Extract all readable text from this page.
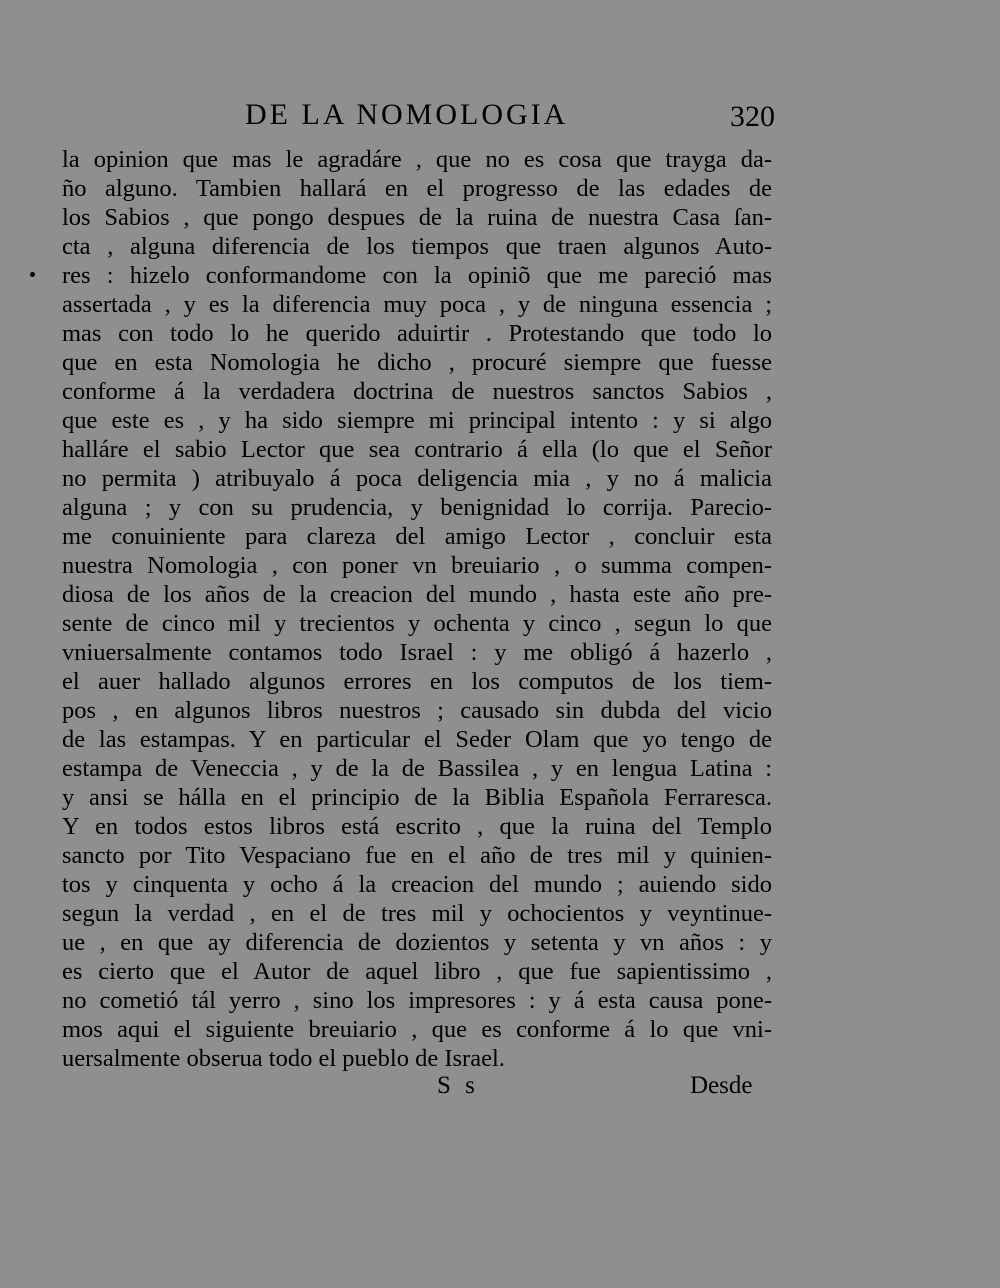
DE LA NOMOLOGIA	320
la opinion que mas le agradáre , que no es cosa que trayga da-
ño alguno. Tambien hallará en el progresso de las edades de
los Sabios , que pongo despues de la ruina de nuestra Casa ſan-
cta , alguna diferencia de los tiempos que traen algunos Auto-
res : hizelo conformandome con la opiniõ que me pareció mas
assertada , y es la diferencia muy poca , y de ninguna essencia ;
mas con todo lo he querido aduirtir . Protestando que todo lo
que en esta Nomologia he dicho , procuré siempre que fuesse
conforme á la verdadera doctrina de nuestros sanctos Sabios ,
que este es , y ha sido siempre mi principal intento : y si algo
halláre el sabio Lector que sea contrario á ella (lo que el Señor
no permita ) atribuyalo á poca deligencia mia , y no á malicia
alguna ; y con su prudencia, y benignidad lo corrija. Parecio-
me conuiniente para clareza del amigo Lector , concluir esta
nuestra Nomologia , con poner vn breuiario , o summa compen-
diosa de los años de la creacion del mundo , hasta este año pre-
sente de cinco mil y trecientos y ochenta y cinco , segun lo que
vniuersalmente contamos todo Israel : y me obligó á hazerlo ,
el auer hallado algunos errores en los computos de los tiem-
pos , en algunos libros nuestros ; causado sin dubda del vicio
de las estampas. Y en particular el Seder Olam que yo tengo de
estampa de Veneccia , y de la de Bassilea , y en lengua Latina :
y ansi se hálla en el principio de la Biblia Española Ferraresca.
Y en todos estos libros está escrito , que la ruina del Templo
sancto por Tito Vespaciano fue en el año de tres mil y quinien-
tos y cinquenta y ocho á la creacion del mundo ; auiendo sido
segun la verdad , en el de tres mil y ochocientos y veyntinue-
ue , en que ay diferencia de dozientos y setenta y vn años : y
es cierto que el Autor de aquel libro , que fue sapientissimo ,
no cometió tál yerro , sino los impresores : y á esta causa pone-
mos aqui el siguiente breuiario , que es conforme á lo que vni-
uersalmente obserua todo el pueblo de Israel.
S s	Desde
